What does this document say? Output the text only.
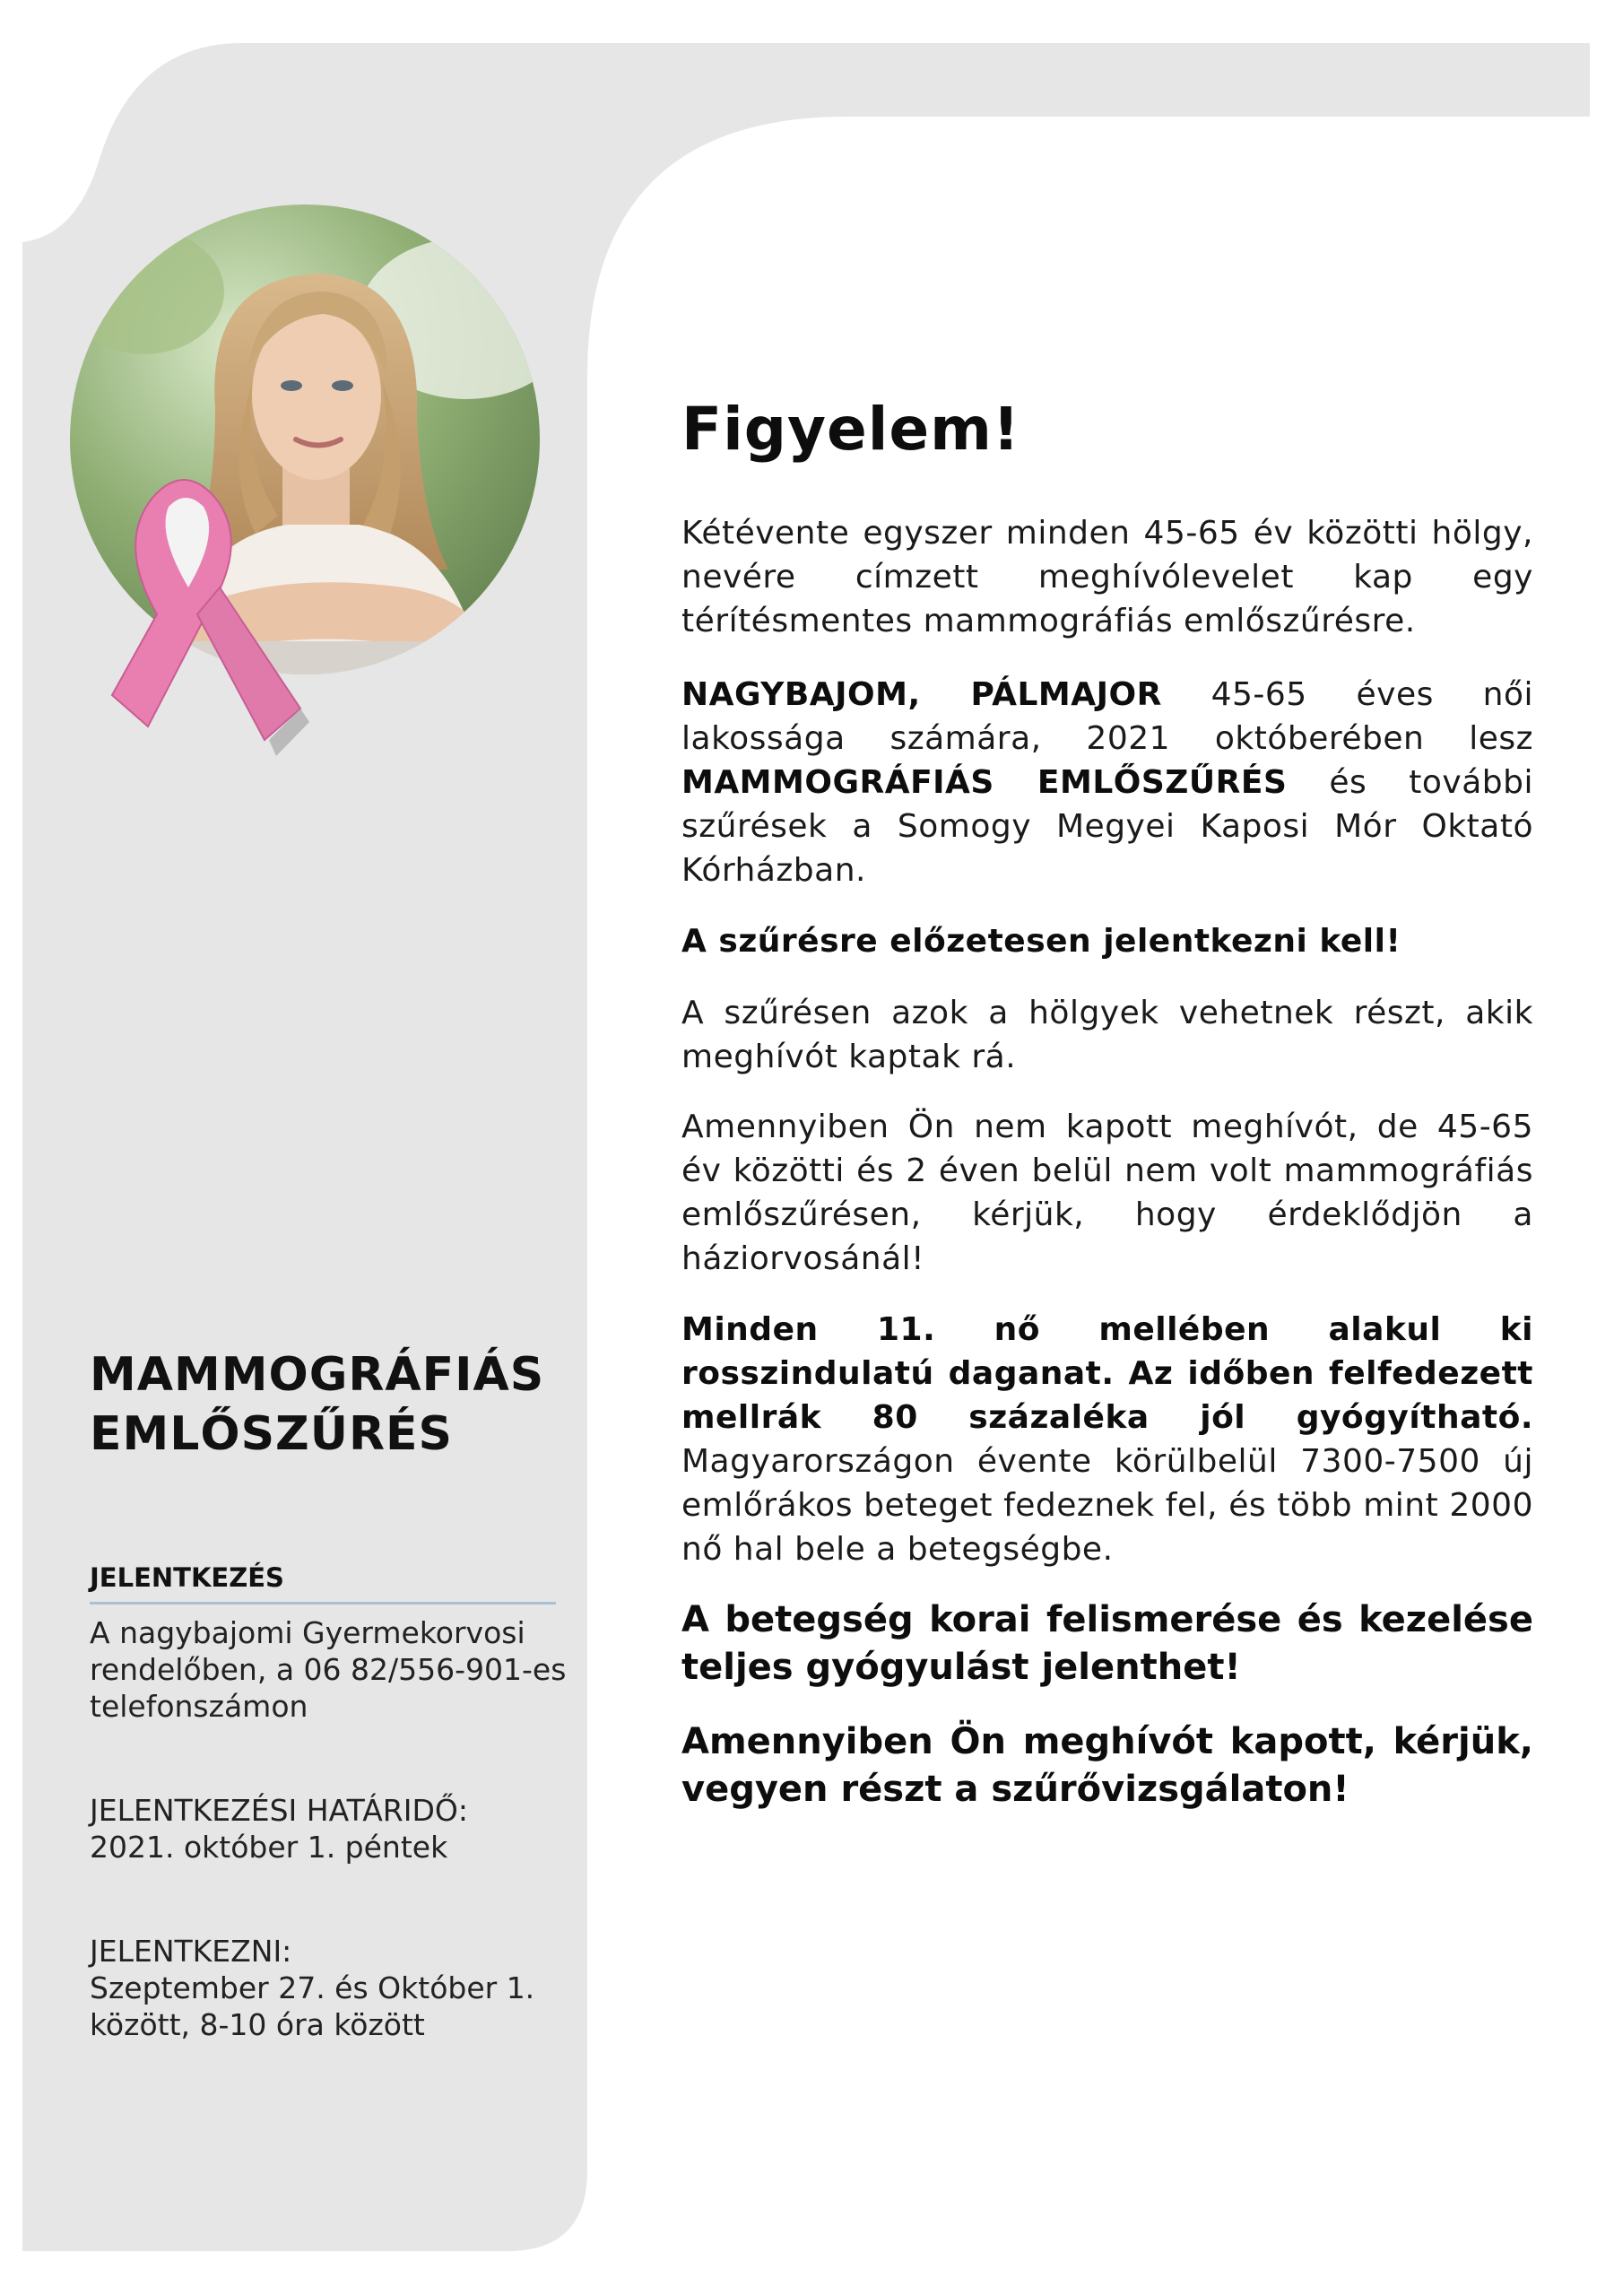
MAMMOGRÁFIÁS
EMLŐSZŰRÉS
JELENTKEZÉS
A nagybajomi Gyermekorvosi
rendelőben, a 06 82/556-901-es
telefonszámon
JELENTKEZÉSI HATÁRIDŐ:
2021. október 1. péntek
JELENTKEZNI:
Szeptember 27. és Október 1.
között, 8-10 óra között
Figyelem!
Kétévente egyszer minden 45-65 év közötti hölgy, nevére címzett meghívólevelet kap egy térítésmentes mammográfiás emlőszűrésre.
NAGYBAJOM, PÁLMAJOR 45-65 éves női lakossága számára, 2021 októberében lesz MAMMOGRÁFIÁS EMLŐSZŰRÉS és további szűrések a Somogy Megyei Kaposi Mór Oktató Kórházban.
A szűrésre előzetesen jelentkezni kell!
A szűrésen azok a hölgyek vehetnek részt, akik meghívót kaptak rá.
Amennyiben Ön nem kapott meghívót, de 45-65 év közötti és 2 éven belül nem volt mammográfiás emlőszűrésen, kérjük, hogy érdeklődjön a háziorvosánál!
Minden 11. nő mellében alakul ki rosszindulatú daganat. Az időben felfedezett mellrák 80 százaléka jól gyógyítható. Magyarországon évente körülbelül 7300-7500 új emlőrákos beteget fedeznek fel, és több mint 2000 nő hal bele a betegségbe.
A betegség korai felismerése és kezelése teljes gyógyulást jelenthet!
Amennyiben Ön meghívót kapott, kérjük, vegyen részt a szűrővizsgálaton!
